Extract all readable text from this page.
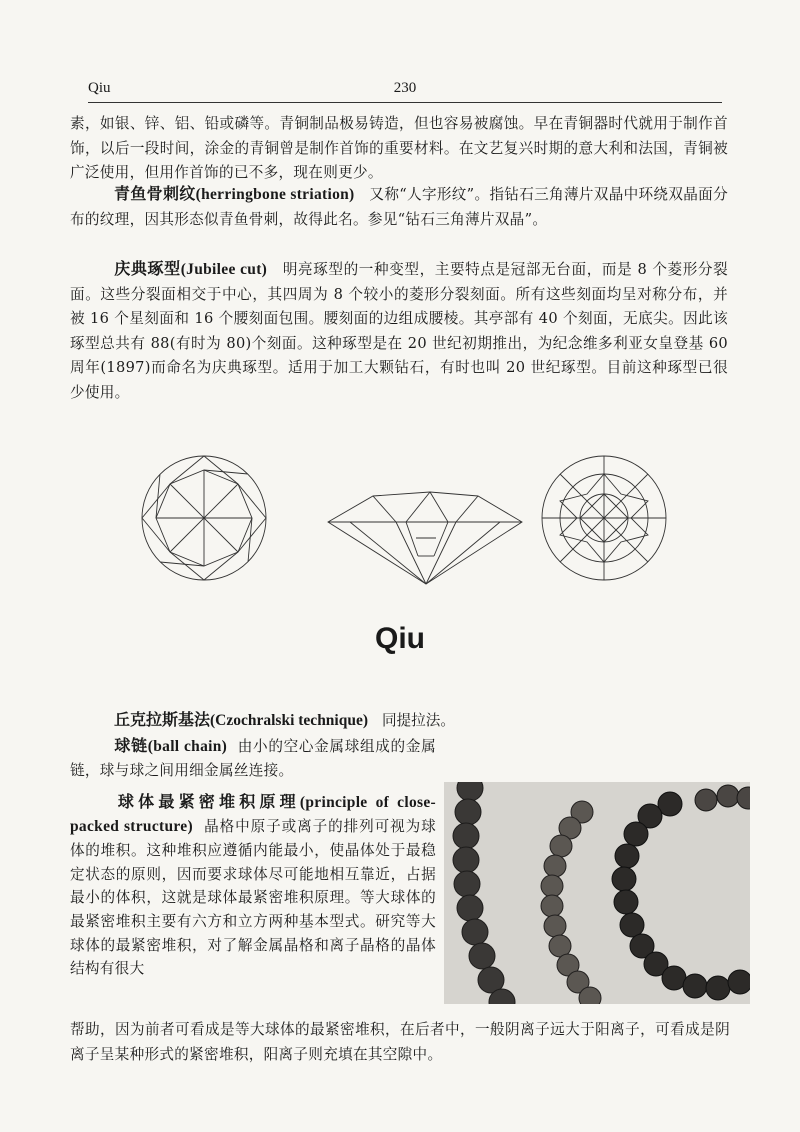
Qiu	230
素，如银、锌、铝、铅或磷等。青铜制品极易铸造，但也容易被腐蚀。早在青铜器时代就用于制作首饰，以后一段时间，涂金的青铜曾是制作首饰的重要材料。在文艺复兴时期的意大利和法国，青铜被广泛使用，但用作首饰的已不多，现在则更少。
青鱼骨刺纹(herringbone striation) 又称“人字形纹”。指钻石三角薄片双晶中环绕双晶面分布的纹理，因其形态似青鱼骨刺，故得此名。参见“钻石三角薄片双晶”。
庆典琢型(Jubilee cut) 明亮琢型的一种变型，主要特点是冠部无台面，而是 8 个菱形分裂面。这些分裂面相交于中心，其四周为 8 个较小的菱形分裂刻面。所有这些刻面均呈对称分布，并被 16 个星刻面和 16 个腰刻面包围。腰刻面的边组成腰棱。其亭部有 40 个刻面，无底尖。因此该琢型总共有 88(有时为 80)个刻面。这种琢型是在 20 世纪初期推出，为纪念维多利亚女皇登基 60 周年(1897)而命名为庆典琢型。适用于加工大颗钻石，有时也叫 20 世纪琢型。目前这种琢型已很少使用。
Qiu
丘克拉斯基法(Czochralski technique) 同提拉法。
球链(ball chain) 由小的空心金属球组成的金属链，球与球之间用细金属丝连接。
球体最紧密堆积原理(principle of close-packed structure) 晶格中原子或离子的排列可视为球体的堆积。这种堆积应遵循内能最小，使晶体处于最稳定状态的原则，因而要求球体尽可能地相互靠近，占据最小的体积，这就是球体最紧密堆积原理。等大球体的最紧密堆积主要有六方和立方两种基本型式。研究等大球体的最紧密堆积，对了解金属晶格和离子晶格的晶体结构有很大
帮助，因为前者可看成是等大球体的最紧密堆积，在后者中，一般阴离子远大于阳离子，可看成是阴离子呈某种形式的紧密堆积，阳离子则充填在其空隙中。
